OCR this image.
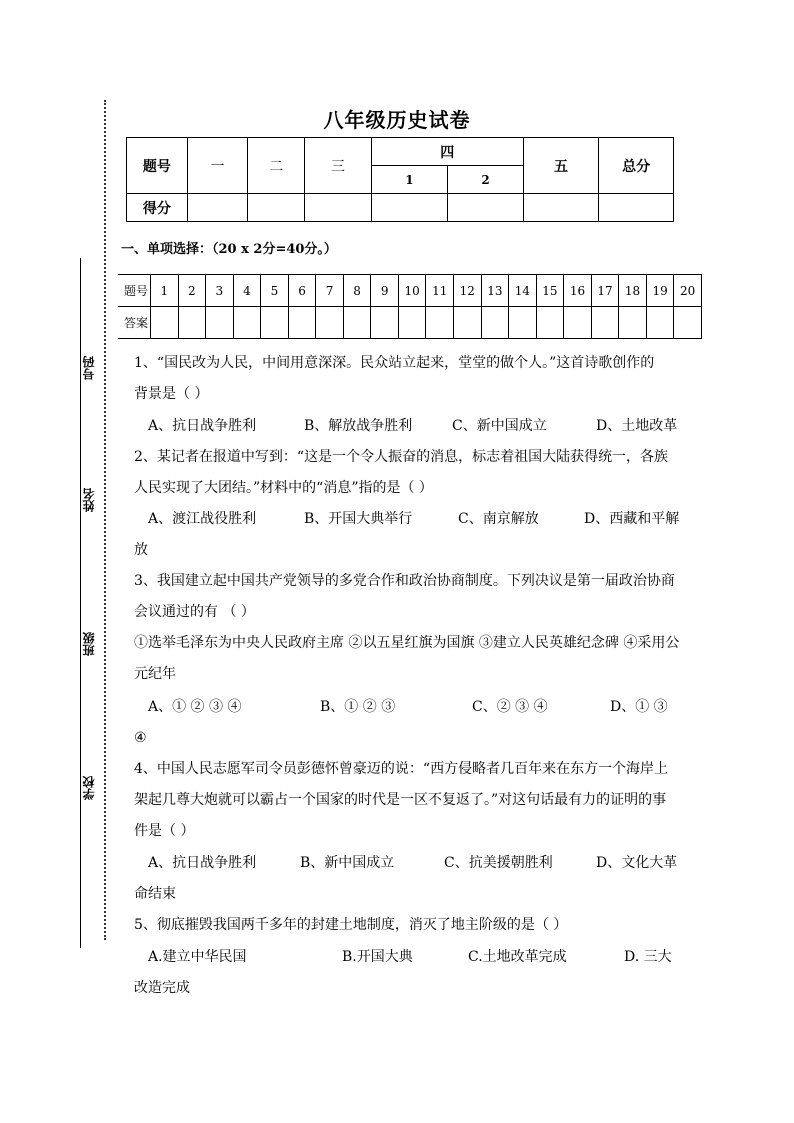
号码
姓名
班级
学校
八年级历史试卷
题号	一	二	三	四		五	总分
				1	2		
得分							
一、单项选择：（20 x 2分=40分。）
题号	1	2	3	4	5	6	7	8	9	10	11	12	13	14	15	16	17	18	19	20
答案																				
1、“国民改为人民，中间用意深深。民众站立起来，堂堂的做个人。”这首诗歌创作的
背景是（ ）
A、抗日战争胜利	B、解放战争胜利	C、新中国成立	D、土地改革
2、某记者在报道中写到：“这是一个令人振奋的消息，标志着祖国大陆获得统一，各族
人民实现了大团结。”材料中的“消息”指的是（ ）
A、渡江战役胜利	B、开国大典举行	C、南京解放	D、西藏和平解
放
3、我国建立起中国共产党领导的多党合作和政治协商制度。下列决议是第一届政治协商
会议通过的有 （ ）
①选举毛泽东为中央人民政府主席 ②以五星红旗为国旗 ③建立人民英雄纪念碑 ④采用公
元纪年
A、① ② ③ ④	B、① ② ③	C、② ③ ④	D、① ③
④
4、中国人民志愿军司令员彭德怀曾豪迈的说：“西方侵略者几百年来在东方一个海岸上
架起几尊大炮就可以霸占一个国家的时代是一区不复返了。”对这句话最有力的证明的事
件是（ ）
A、抗日战争胜利	B、新中国成立	C、抗美援朝胜利	D、文化大革
命结束
5、彻底摧毁我国两千多年的封建土地制度，消灭了地主阶级的是（ ）
A.建立中华民国	B.开国大典	C.土地改革完成	D. 三大
改造完成
